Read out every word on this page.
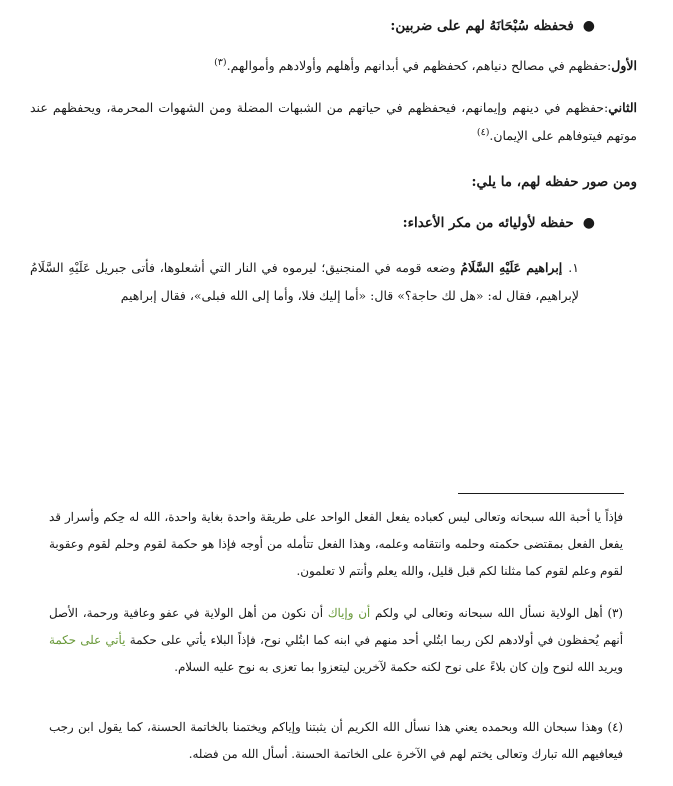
●فحفظه سُبْحَانَهُ لهم على ضربين:

الأول:حفظهم في مصالح دنياهم، كحفظهم في أبدانهم وأهلهم وأولادهم وأموالهم.$^{(٣)}$

الثاني:حفظهم في دينهم وإيمانهم، فيحفظهم في حياتهم من الشبهات المضلة ومن الشهوات المحرمة، ويحفظهم عند موتهم فيتوفاهم على الإيمان.$^{(٤)}$

ومن صور حفظه لهم، ما يلي:

●حفظه لأوليائه من مكر الأعداء:

١.إبراهيم عَلَيْهِ السَّلَامُ وضعه قومه في المنجنيق؛ ليرموه في النار التي أشعلوها، فأتى جبريل عَلَيْهِ السَّلَامُ لإبراهيم، فقال له: «هل لك حاجة؟» قال: «أما إليك فلا، وأما إلى الله فبلى»، فقال إبراهيم

فإذاً يا أحبة الله سبحانه وتعالى ليس كعباده يفعل الفعل الواحد على طريقة واحدة بغاية واحدة، الله له حِكم وأسرار قد يفعل الفعل بمقتضى حكمته وحلمه وانتقامه وعلمه، وهذا الفعل تتأمله من أوجه فإذا هو حكمة لقوم وحلم لقوم وعقوبة لقوم وعلم لقوم كما مثلنا لكم قبل قليل، والله يعلم وأنتم لا تعلمون.

(٣) أهل الولاية نسأل الله سبحانه وتعالى لي ولكم أن وإياك أن نكون من أهل الولاية في عفو وعافية ورحمة، الأصل أنهم يُحفظون في أولادهم لكن ربما ابتُلي أحد منهم في ابنه كما ابتُلي نوح، فإذاً البلاء يأتي على حكمة يأتي على حكمة ويريد الله لنوح وإن كان بلاءً على نوح لكنه حكمة لآخرين ليتعزوا بما تعزى به نوح عليه السلام.

(٤) وهذا سبحان الله وبحمده يعني هذا نسأل الله الكريم أن يثبتنا وإياكم ويختمنا بالخاتمة الحسنة، كما يقول ابن رجب فيعافيهم الله تبارك وتعالى يختم لهم في الآخرة على الخاتمة الحسنة. أسأل الله من فضله.
